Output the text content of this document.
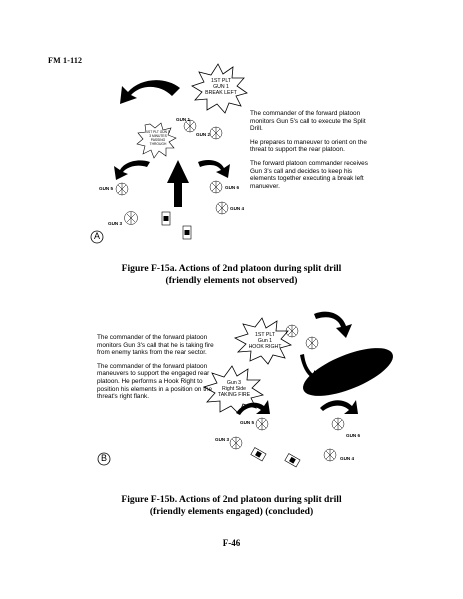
FM 1-112
1ST PLT
GUN 1
BREAK LEFT
1ST PLT GUN 5
3 MINUTES
PASSING
THROUGH
GUN 1
GUN 2
GUN 5
GUN 3
GUN 6
GUN 4
A

The commander of the forward platoon monitors Gun 5's call to execute the Split Drill.

He prepares to maneuver to orient on the threat to support the rear platoon.

The forward platoon commander receives Gun 3's call and decides to keep his elements together executing a break left manuever.

Figure F-15a. Actions of 2nd platoon during split drill
(friendly elements not observed)
1ST PLT
Gun 1
HOOK RIGHT
Gun 3
Right Side
TAKING FIRE
GUN 5
GUN 3
GUN 6
GUN 4
B

The commander of the forward platoon monitors Gun 3's call that he is taking fire from enemy tanks from the rear sector.

The commander of the forward platoon maneuvers to support the engaged rear platoon. He performs a Hook Right to position his elements in a position on the threat's right flank.

Figure F-15b. Actions of 2nd platoon during split drill
(friendly elements engaged) (concluded)
F-46
